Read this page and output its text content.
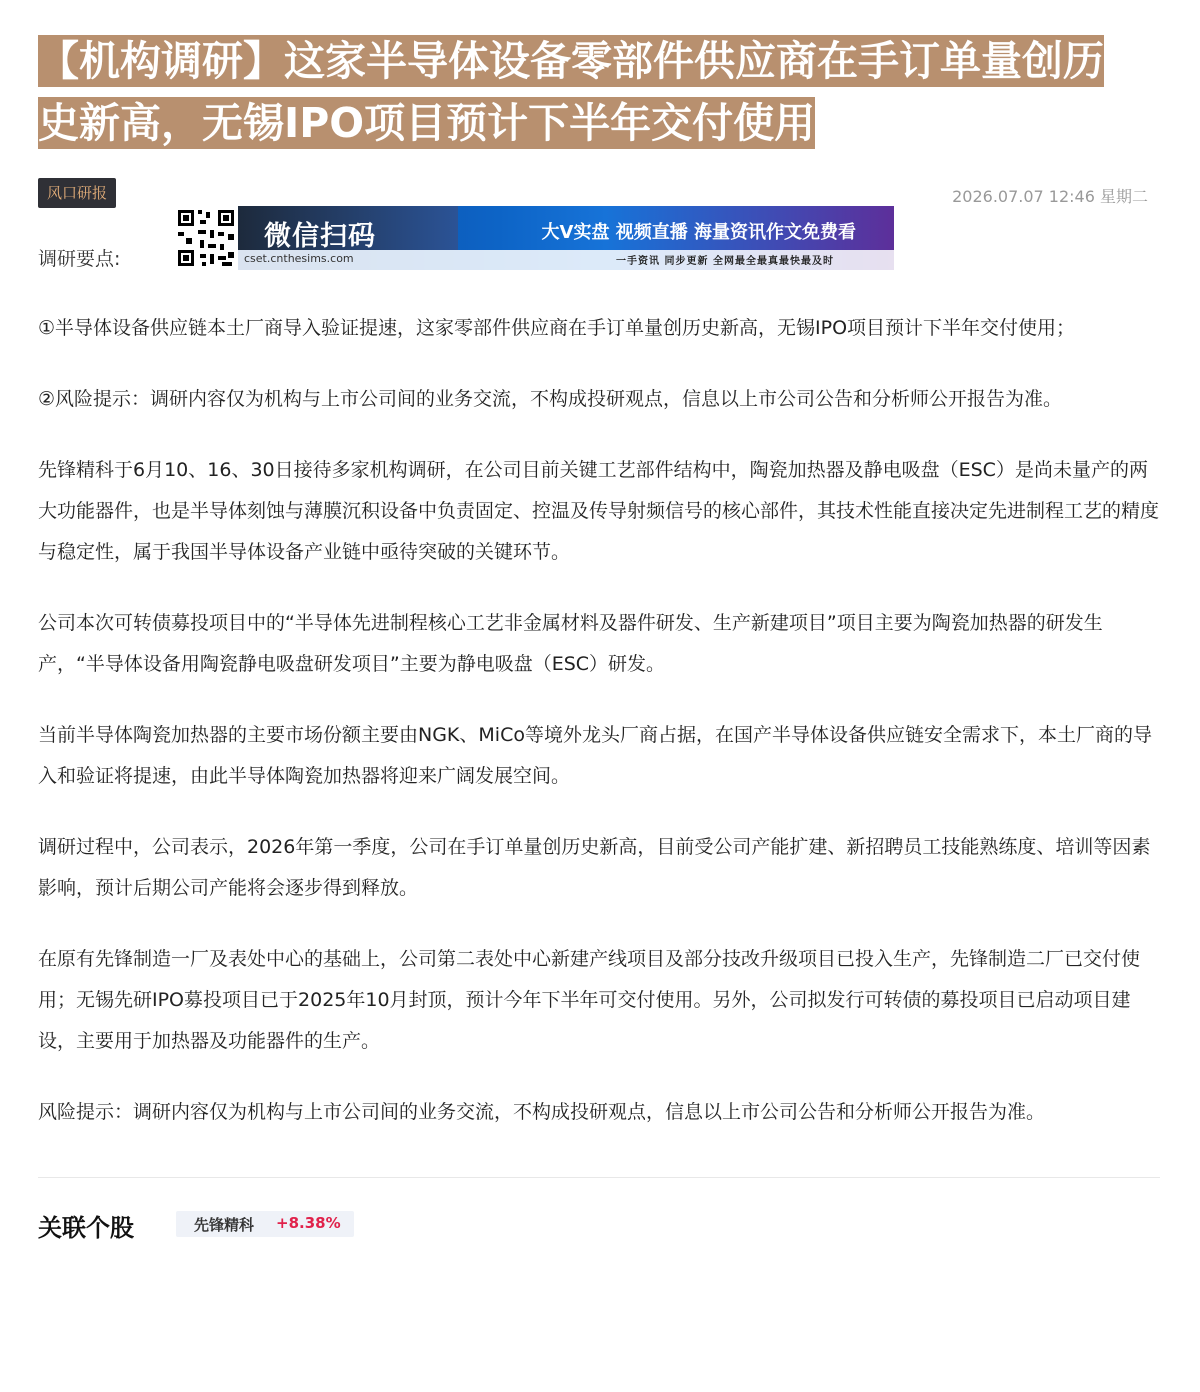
【机构调研】这家半导体设备零部件供应商在手订单量创历
史新高，无锡IPO项目预计下半年交付使用
风口研报	2026.07.07 12:46 星期二
微信扫码
cset.cnthesims.com
大V实盘 视频直播 海量资讯作文免费看
一手资讯 同步更新 全网最全最真最快最及时
调研要点:

①半导体设备供应链本土厂商导入验证提速，这家零部件供应商在手订单量创历史新高，无锡IPO项目预计下半年交付使用；

②风险提示：调研内容仅为机构与上市公司间的业务交流，不构成投研观点，信息以上市公司公告和分析师公开报告为准。

先锋精科于6月10、16、30日接待多家机构调研，在公司目前关键工艺部件结构中，陶瓷加热器及静电吸盘（ESC）是尚未量产的两大功能器件，也是半导体刻蚀与薄膜沉积设备中负责固定、控温及传导射频信号的核心部件，其技术性能直接决定先进制程工艺的精度与稳定性，属于我国半导体设备产业链中亟待突破的关键环节。

公司本次可转债募投项目中的“半导体先进制程核心工艺非金属材料及器件研发、生产新建项目”项目主要为陶瓷加热器的研发生产，“半导体设备用陶瓷静电吸盘研发项目”主要为静电吸盘（ESC）研发。

当前半导体陶瓷加热器的主要市场份额主要由NGK、MiCo等境外龙头厂商占据，在国产半导体设备供应链安全需求下，本土厂商的导入和验证将提速，由此半导体陶瓷加热器将迎来广阔发展空间。

调研过程中，公司表示，2026年第一季度，公司在手订单量创历史新高，目前受公司产能扩建、新招聘员工技能熟练度、培训等因素影响，预计后期公司产能将会逐步得到释放。

在原有先锋制造一厂及表处中心的基础上，公司第二表处中心新建产线项目及部分技改升级项目已投入生产，先锋制造二厂已交付使用；无锡先研IPO募投项目已于2025年10月封顶，预计今年下半年可交付使用。另外，公司拟发行可转债的募投项目已启动项目建设，主要用于加热器及功能器件的生产。

风险提示：调研内容仅为机构与上市公司间的业务交流，不构成投研观点，信息以上市公司公告和分析师公开报告为准。

关联个股	先锋精科 +8.38%
